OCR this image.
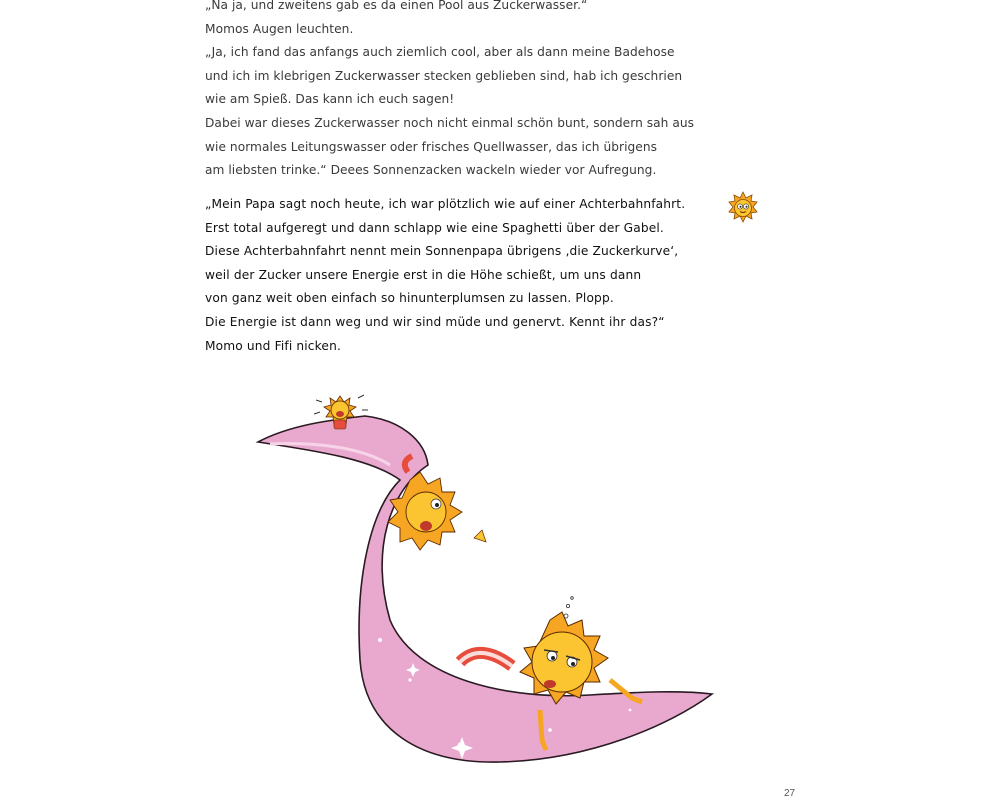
„Na ja, und zweitens gab es da einen Pool aus Zuckerwasser.“
Momos Augen leuchten.
„Ja, ich fand das anfangs auch ziemlich cool, aber als dann meine Badehose
und ich im klebrigen Zuckerwasser stecken geblieben sind, hab ich geschrien
wie am Spieß. Das kann ich euch sagen!
Dabei war dieses Zuckerwasser noch nicht einmal schön bunt, sondern sah aus
wie normales Leitungswasser oder frisches Quellwasser, das ich übrigens
am liebsten trinke.“ Deees Sonnenzacken wackeln wieder vor Aufregung.
„Mein Papa sagt noch heute, ich war plötzlich wie auf einer Achterbahnfahrt.
Erst total aufgeregt und dann schlapp wie eine Spaghetti über der Gabel.
Diese Achterbahnfahrt nennt mein Sonnenpapa übrigens ‚die Zuckerkurve‘,
weil der Zucker unsere Energie erst in die Höhe schießt, um uns dann
von ganz weit oben einfach so hinunterplumsen zu lassen. Plopp.
Die Energie ist dann weg und wir sind müde und genervt. Kennt ihr das?“
Momo und Fifi nicken.
27
